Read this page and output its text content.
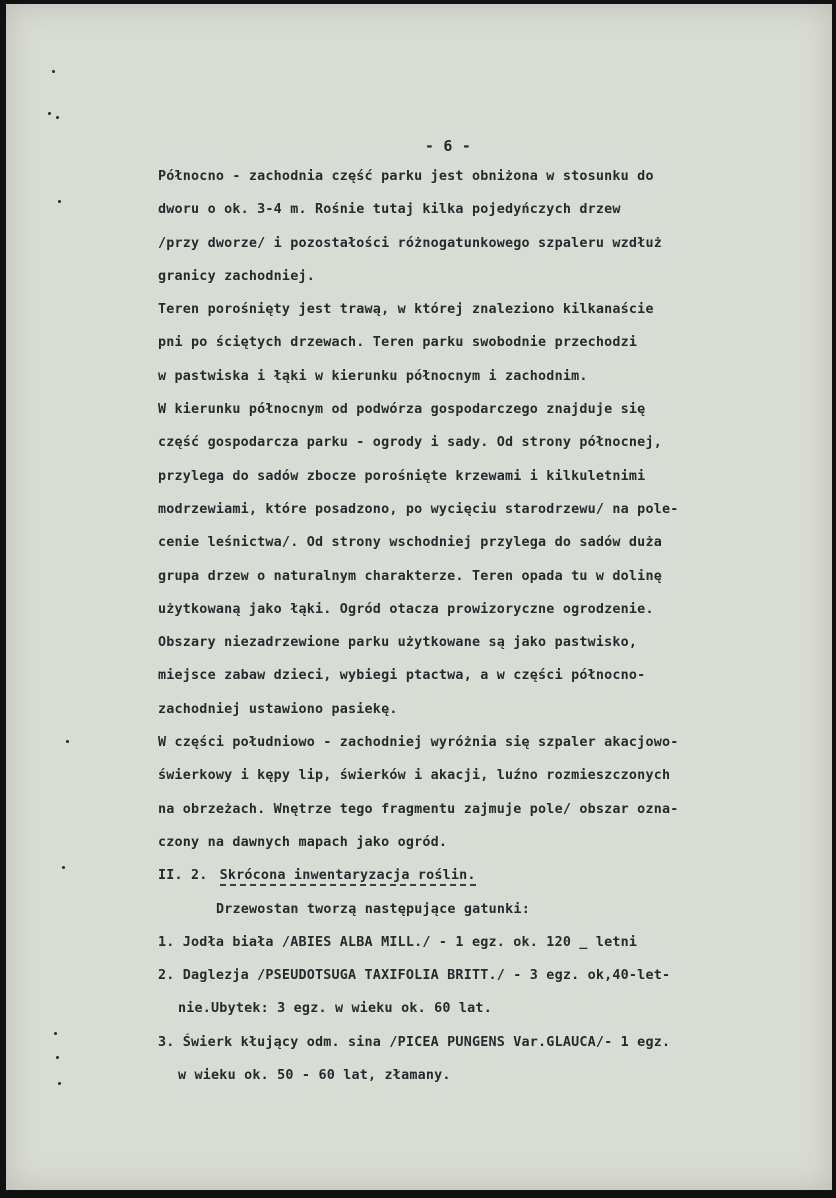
- 6 -
Północno - zachodnia część parku jest obniżona w stosunku do
dworu o ok. 3-4 m. Rośnie tutaj kilka pojedyńczych drzew
/przy dworze/ i pozostałości różnogatunkowego szpaleru wzdłuż
granicy zachodniej.
Teren porośnięty jest trawą, w której znaleziono kilkanaście
pni po ściętych drzewach. Teren parku swobodnie przechodzi
w pastwiska i łąki w kierunku północnym i zachodnim.
W kierunku północnym od podwórza gospodarczego znajduje się
część gospodarcza parku - ogrody i sady. Od strony północnej,
przylega do sadów zbocze porośnięte krzewami i kilkuletnimi
modrzewiami, które posadzono, po wycięciu starodrzewu/ na pole-
cenie leśnictwa/. Od strony wschodniej przylega do sadów duża
grupa drzew o naturalnym charakterze. Teren opada tu w dolinę
użytkowaną jako łąki. Ogród otacza prowizoryczne ogrodzenie.
Obszary niezadrzewione parku użytkowane są jako pastwisko,
miejsce zabaw dzieci, wybiegi ptactwa, a w części północno-
zachodniej ustawiono pasiekę.
W części południowo - zachodniej wyróżnia się szpaler akacjowo-
świerkowy i kępy lip, świerków i akacji, luźno rozmieszczonych
na obrzeżach. Wnętrze tego fragmentu zajmuje pole/ obszar ozna-
czony na dawnych mapach jako ogród.
II. 2. Skrócona inwentaryzacja roślin.
Drzewostan tworzą następujące gatunki:
1. Jodła biała /ABIES ALBA MILL./ - 1 egz. ok. 120 _ letni
2. Daglezja /PSEUDOTSUGA TAXIFOLIA BRITT./ - 3 egz. ok,40-let-
nie.Ubytek: 3 egz. w wieku ok. 60 lat.
3. Świerk kłujący odm. sina /PICEA PUNGENS Var.GLAUCA/- 1 egz.
w wieku ok. 50 - 60 lat, złamany.
